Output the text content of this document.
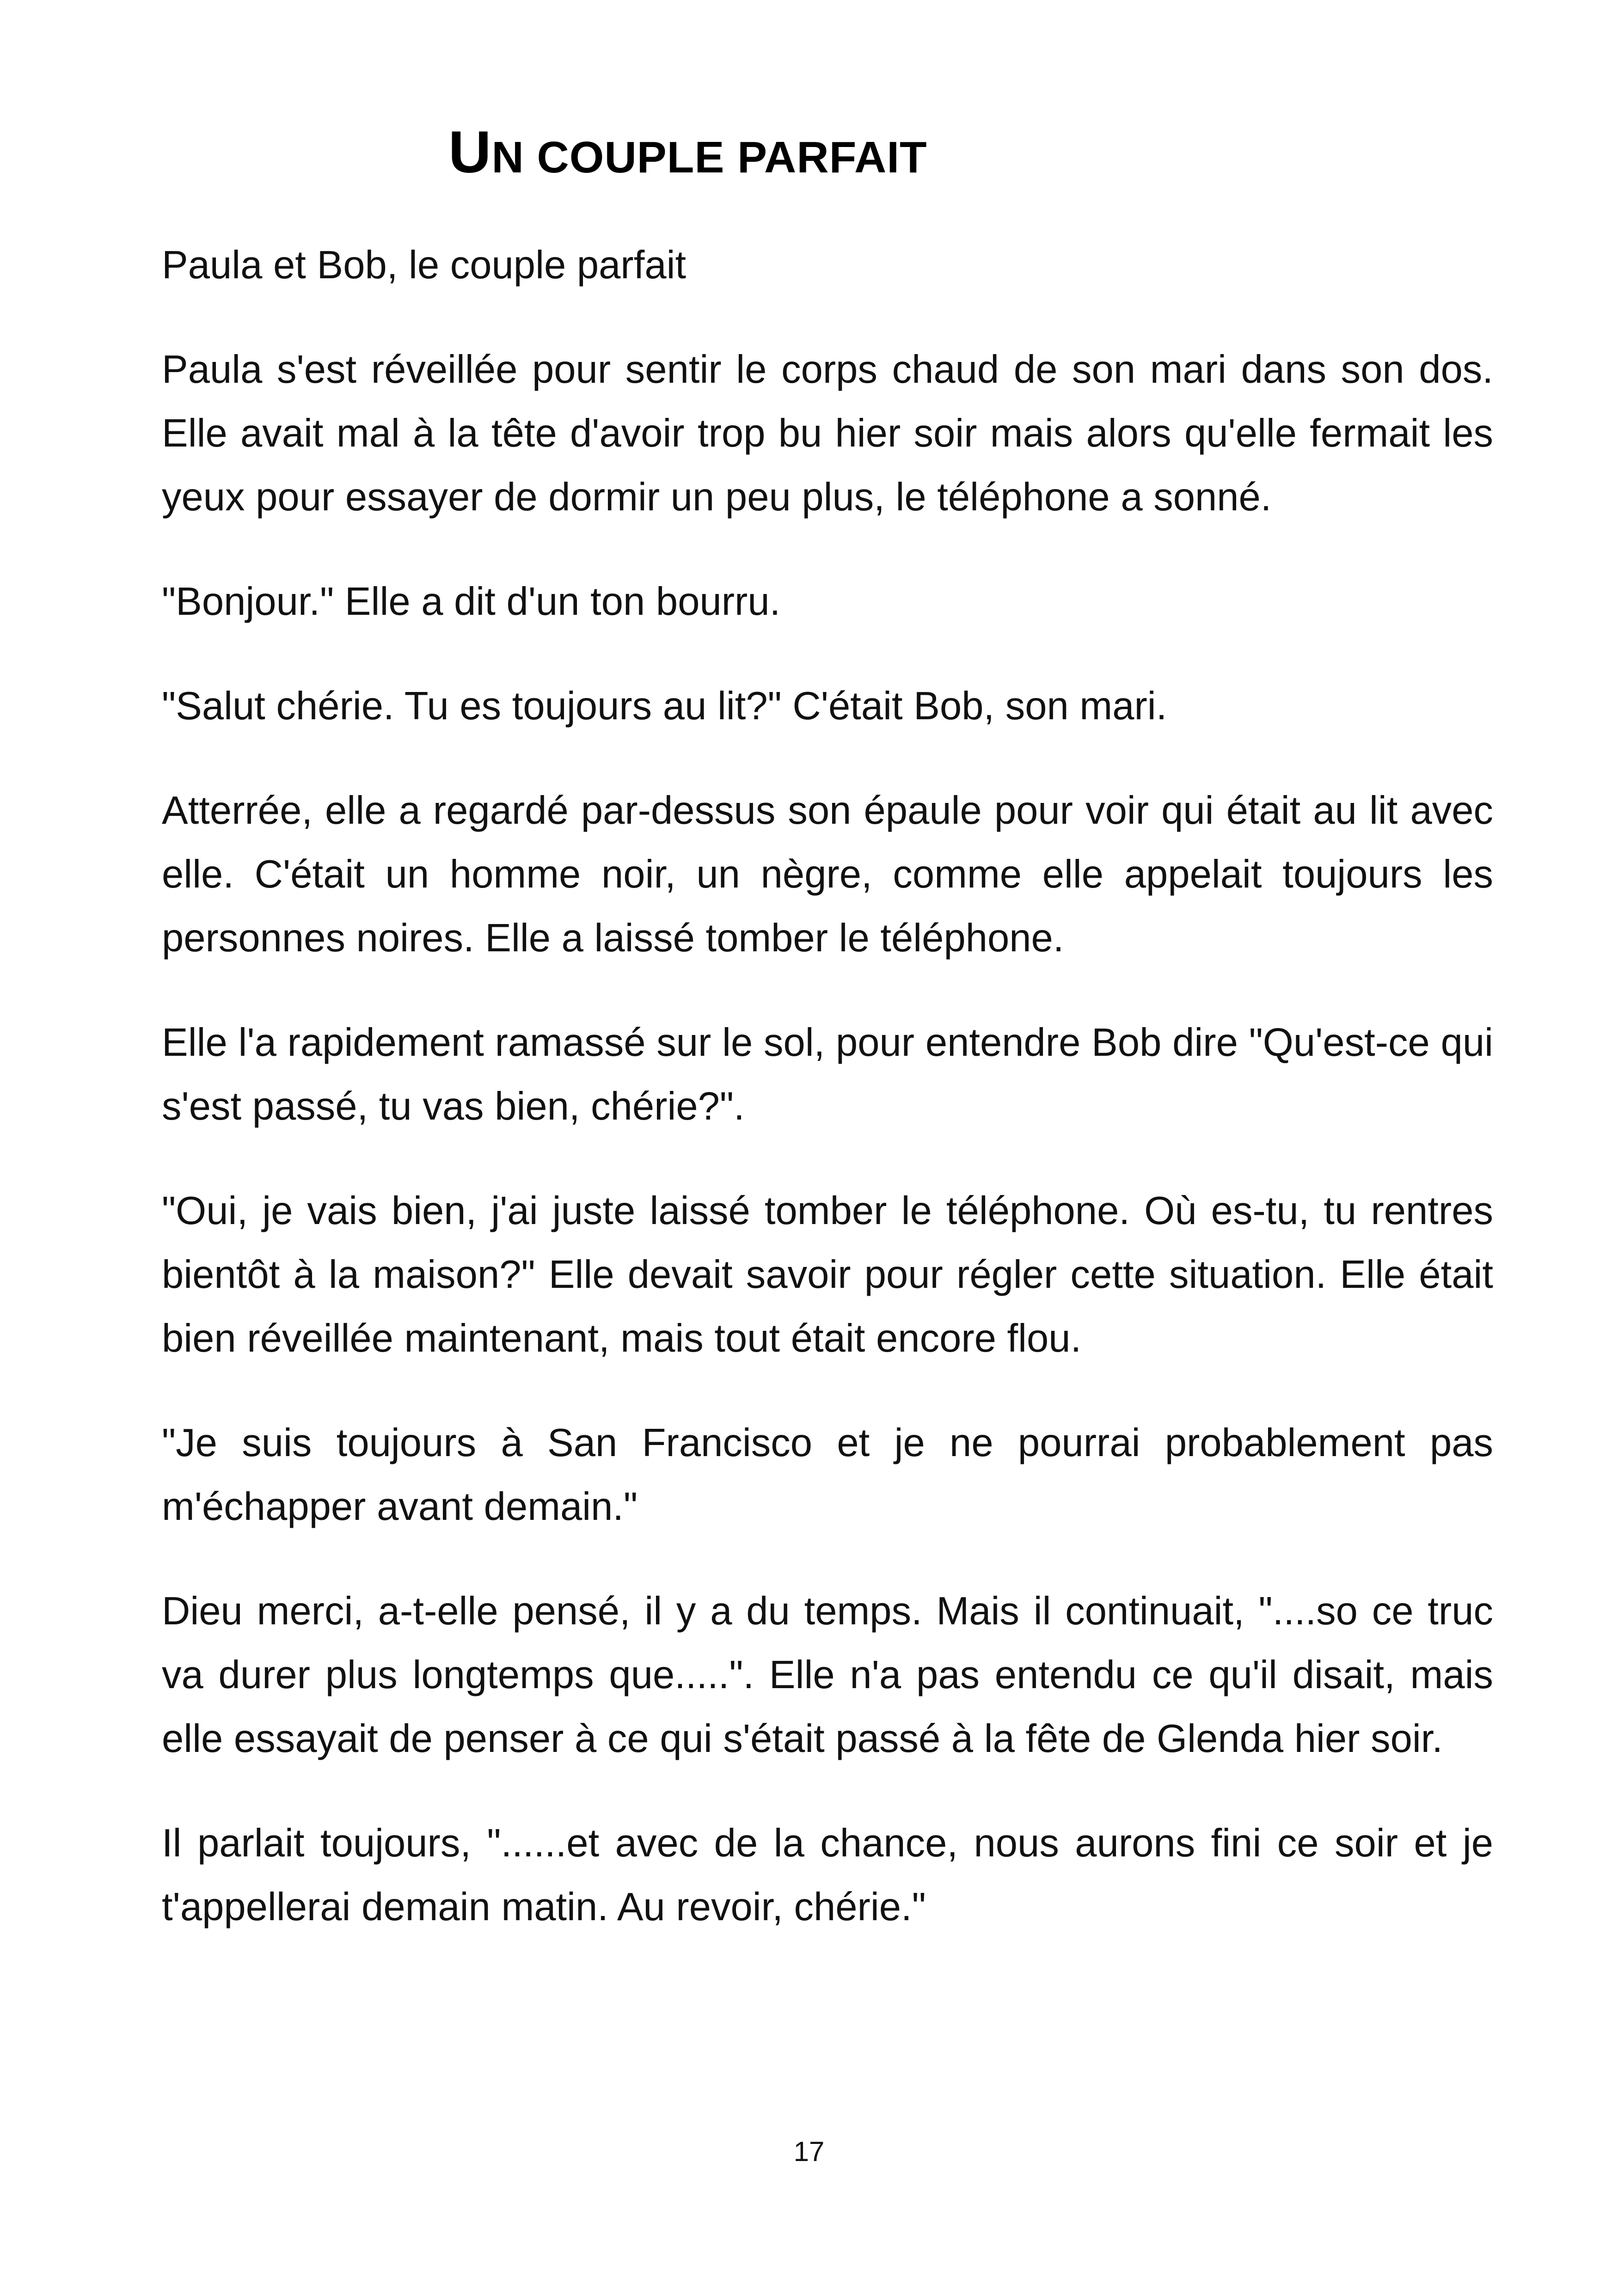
UN COUPLE PARFAIT

Paula et Bob, le couple parfait

Paula s'est réveillée pour sentir le corps chaud de son mari dans son dos. Elle avait mal à la tête d'avoir trop bu hier soir mais alors qu'elle fermait les yeux pour essayer de dormir un peu plus, le téléphone a sonné.

"Bonjour." Elle a dit d'un ton bourru.

"Salut chérie. Tu es toujours au lit?" C'était Bob, son mari.

Atterrée, elle a regardé par-dessus son épaule pour voir qui était au lit avec elle. C'était un homme noir, un nègre, comme elle appelait toujours les personnes noires. Elle a laissé tomber le téléphone.

Elle l'a rapidement ramassé sur le sol, pour entendre Bob dire "Qu'est-ce qui s'est passé, tu vas bien, chérie?".

"Oui, je vais bien, j'ai juste laissé tomber le téléphone. Où es-tu, tu rentres bientôt à la maison?" Elle devait savoir pour régler cette situation. Elle était bien réveillée maintenant, mais tout était encore flou.

"Je suis toujours à San Francisco et je ne pourrai probablement pas m'échapper avant demain."

Dieu merci, a-t-elle pensé, il y a du temps. Mais il continuait, "....so ce truc va durer plus longtemps que.....". Elle n'a pas entendu ce qu'il disait, mais elle essayait de penser à ce qui s'était passé à la fête de Glenda hier soir.

Il parlait toujours, "......et avec de la chance, nous aurons fini ce soir et je t'appellerai demain matin. Au revoir, chérie."

17
